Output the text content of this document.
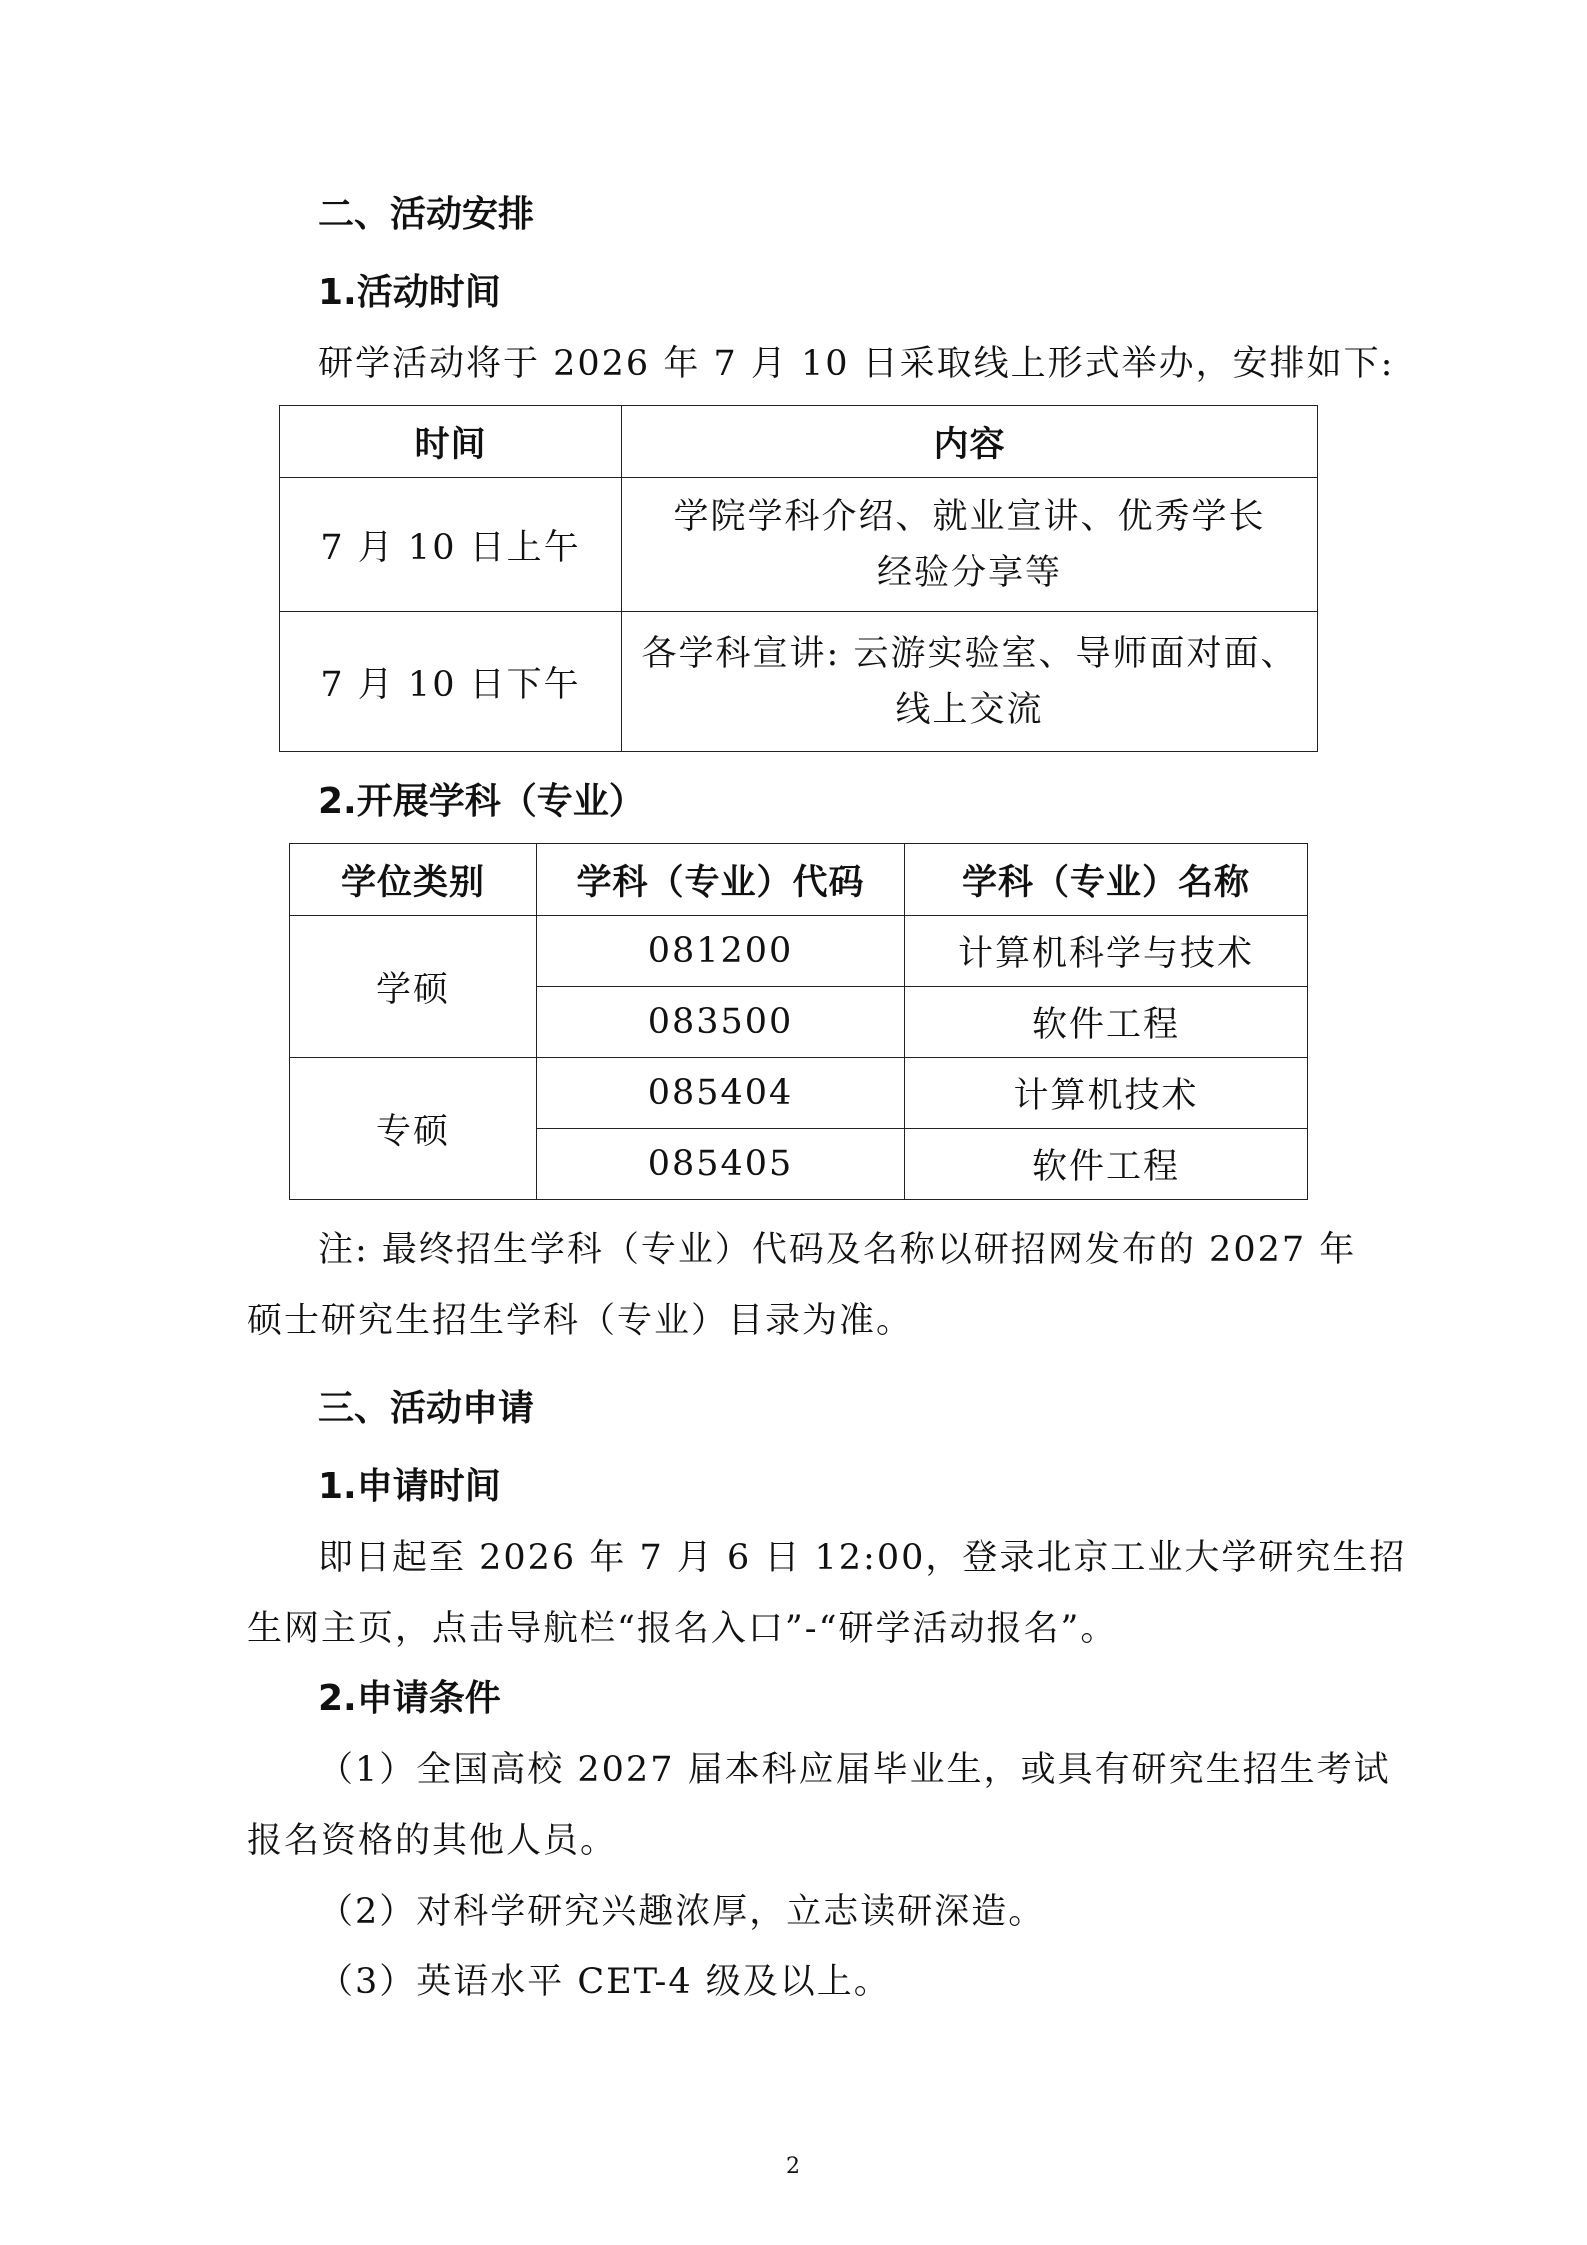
二、活动安排
1.活动时间
研学活动将于 2026 年 7 月 10 日采取线上形式举办，安排如下:
时间	内容
7 月 10 日上午	学院学科介绍、就业宣讲、优秀学长
经验分享等

7 月 10 日下午	各学科宣讲: 云游实验室、导师面对面、
线上交流
2.开展学科（专业）
学位类别	学科（专业）代码	学科（专业）名称
学硕	081200	计算机科学与技术
	083500	软件工程
专硕	085404	计算机技术
	085405	软件工程
注: 最终招生学科（专业）代码及名称以研招网发布的 2027 年
硕士研究生招生学科（专业）目录为准。
三、活动申请
1.申请时间
即日起至 2026 年 7 月 6 日 12:00，登录北京工业大学研究生招
生网主页，点击导航栏“报名入口”-“研学活动报名”。
2.申请条件
（1）全国高校 2027 届本科应届毕业生，或具有研究生招生考试
报名资格的其他人员。
（2）对科学研究兴趣浓厚，立志读研深造。
（3）英语水平 CET-4 级及以上。
2
